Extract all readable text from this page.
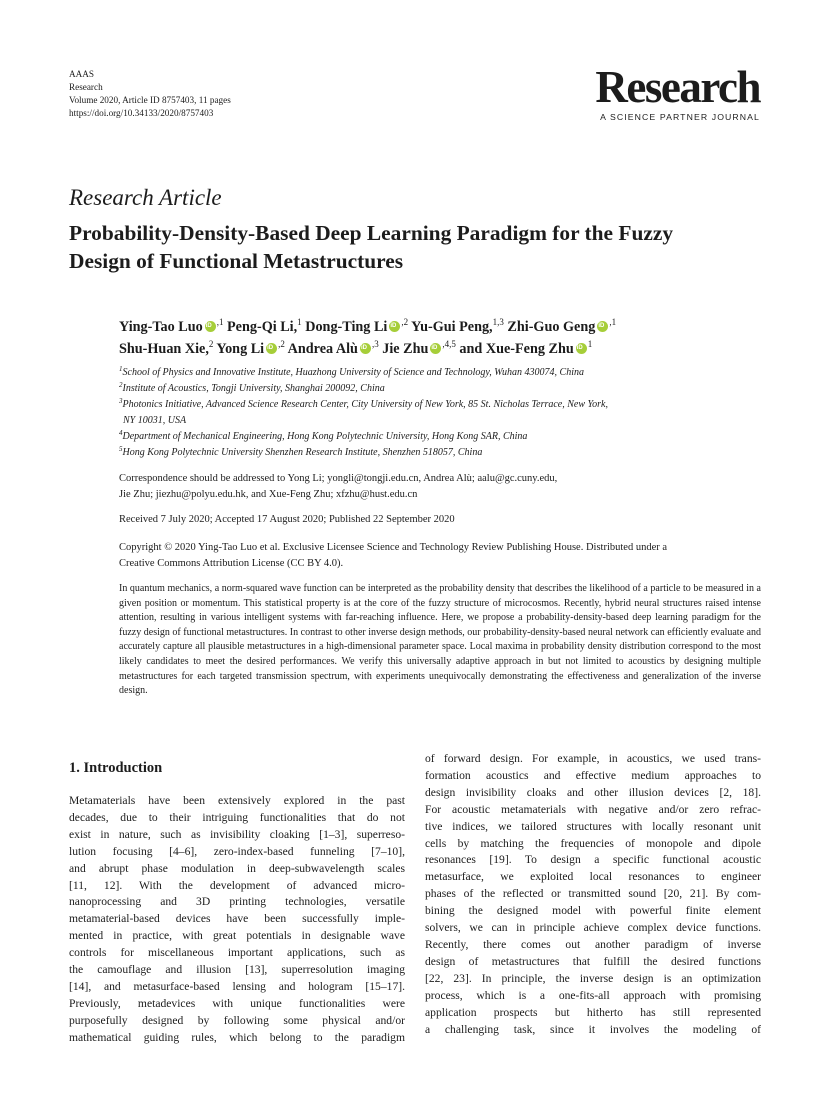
AAAS
Research
Volume 2020, Article ID 8757403, 11 pages
https://doi.org/10.34133/2020/8757403
Research
A SCIENCE PARTNER JOURNAL
Research Article
Probability-Density-Based Deep Learning Paradigm for the Fuzzy
Design of Functional Metastructures
Ying-Tao Luo iD $^{,1}$ Peng-Qi Li,$^1$ Dong-Ting Li iD $^{,2}$ Yu-Gui Peng,$^{1,3}$ Zhi-Guo Geng iD $^{,1}$
Shu-Huan Xie,$^2$ Yong Li iD $^{,2}$ Andrea Alù iD $^{,3}$ Jie Zhu iD $^{,4,5}$ and Xue-Feng Zhu iD $^1$
$^1$School of Physics and Innovative Institute, Huazhong University of Science and Technology, Wuhan 430074, China
$^2$Institute of Acoustics, Tongji University, Shanghai 200092, China
$^3$Photonics Initiative, Advanced Science Research Center, City University of New York, 85 St. Nicholas Terrace, New York,
NY 10031, USA
$^4$Department of Mechanical Engineering, Hong Kong Polytechnic University, Hong Kong SAR, China
$^5$Hong Kong Polytechnic University Shenzhen Research Institute, Shenzhen 518057, China
Correspondence should be addressed to Yong Li; yongli@tongji.edu.cn, Andrea Alù; aalu@gc.cuny.edu,
Jie Zhu; jiezhu@polyu.edu.hk, and Xue-Feng Zhu; xfzhu@hust.edu.cn
Received 7 July 2020; Accepted 17 August 2020; Published 22 September 2020
Copyright © 2020 Ying-Tao Luo et al. Exclusive Licensee Science and Technology Review Publishing House. Distributed under a
Creative Commons Attribution License (CC BY 4.0).
In quantum mechanics, a norm-squared wave function can be interpreted as the probability density that describes the likelihood of a particle to be measured in a given position or momentum. This statistical property is at the core of the fuzzy structure of microcosmos. Recently, hybrid neural structures raised intense attention, resulting in various intelligent systems with far-reaching influence. Here, we propose a probability-density-based deep learning paradigm for the fuzzy design of functional metastructures. In contrast to other inverse design methods, our probability-density-based neural network can efficiently evaluate and accurately capture all plausible metastructures in a high-dimensional parameter space. Local maxima in probability density distribution correspond to the most likely candidates to meet the desired performances. We verify this universally adaptive approach in but not limited to acoustics by designing multiple metastructures for each targeted transmission spectrum, with experiments unequivocally demonstrating the effectiveness and generalization of the inverse design.
1. Introduction
Metamaterials have been extensively explored in the past
decades, due to their intriguing functionalities that do not
exist in nature, such as invisibility cloaking [1–3], superreso-
lution focusing [4–6], zero-index-based funneling [7–10],
and abrupt phase modulation in deep-subwavelength scales
[11, 12]. With the development of advanced micro-
nanoprocessing and 3D printing technologies, versatile
metamaterial-based devices have been successfully imple-
mented in practice, with great potentials in designable wave
controls for miscellaneous important applications, such as
the camouflage and illusion [13], superresolution imaging
[14], and metasurface-based lensing and hologram [15–17].
Previously, metadevices with unique functionalities were
purposefully designed by following some physical and/or
mathematical guiding rules, which belong to the paradigm
of forward design. For example, in acoustics, we used trans-
formation acoustics and effective medium approaches to
design invisibility cloaks and other illusion devices [2, 18].
For acoustic metamaterials with negative and/or zero refrac-
tive indices, we tailored structures with locally resonant unit
cells by matching the frequencies of monopole and dipole
resonances [19]. To design a specific functional acoustic
metasurface, we exploited local resonances to engineer
phases of the reflected or transmitted sound [20, 21]. By com-
bining the designed model with powerful finite element
solvers, we can in principle achieve complex device functions.
Recently, there comes out another paradigm of inverse
design of metastructures that fulfill the desired functions
[22, 23]. In principle, the inverse design is an optimization
process, which is a one-fits-all approach with promising
application prospects but hitherto has still represented
a challenging task, since it involves the modeling of
